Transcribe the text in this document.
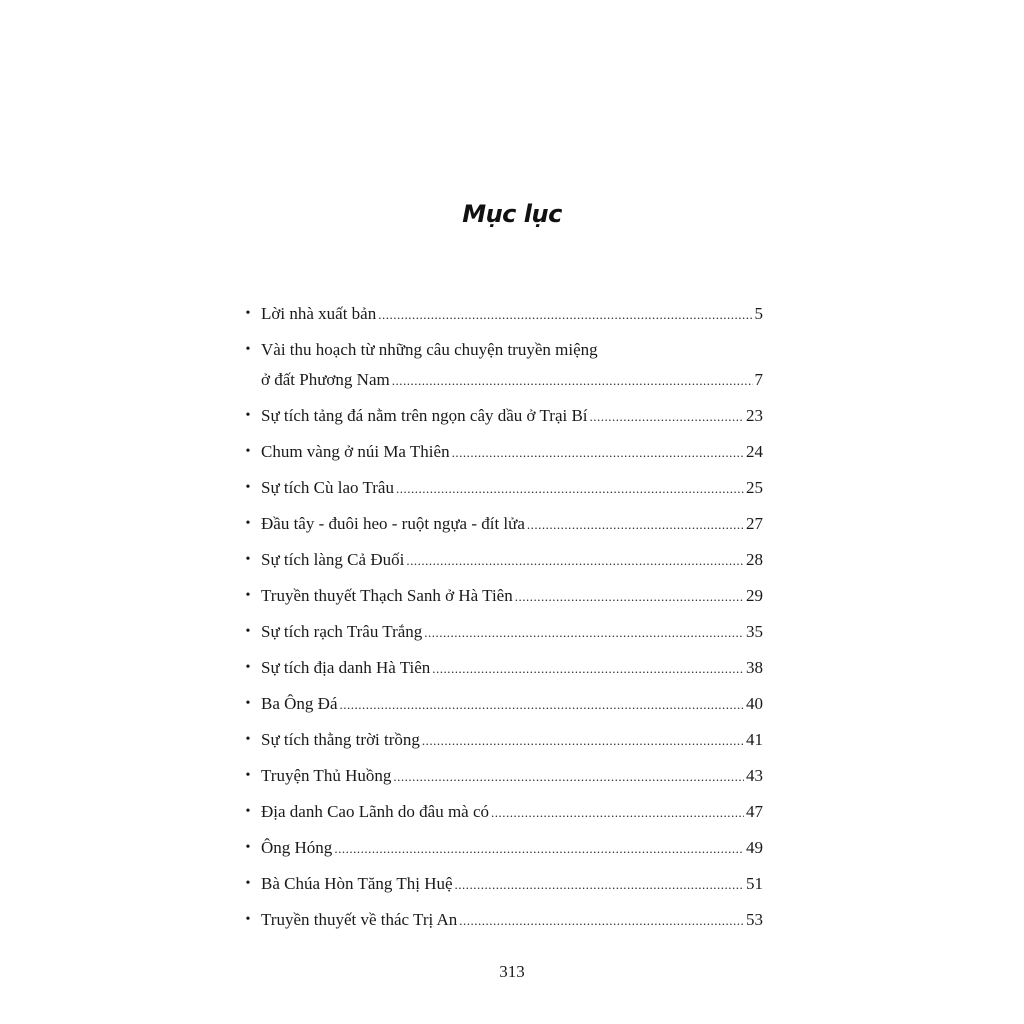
Mục lục
• Lời nhà xuất bản .....	5
• Vài thu hoạch từ những câu chuyện truyền miệng
ở đất Phương Nam .....	7
• Sự tích tảng đá nằm trên ngọn cây dầu ở Trại Bí .....	23
• Chum vàng ở núi Ma Thiên .....	24
• Sự tích Cù lao Trâu .....	25
• Đầu tây - đuôi heo - ruột ngựa - đít lửa .....	27
• Sự tích làng Cả Đuối .....	28
• Truyền thuyết Thạch Sanh ở Hà Tiên .....	29
• Sự tích rạch Trâu Trắng .....	35
• Sự tích địa danh Hà Tiên .....	38
• Ba Ông Đá .....	40
• Sự tích thằng trời trồng .....	41
• Truyện Thủ Huồng .....	43
• Địa danh Cao Lãnh do đâu mà có .....	47
• Ông Hóng .....	49
• Bà Chúa Hòn Tăng Thị Huệ .....	51
• Truyền thuyết về thác Trị An .....	53
313
